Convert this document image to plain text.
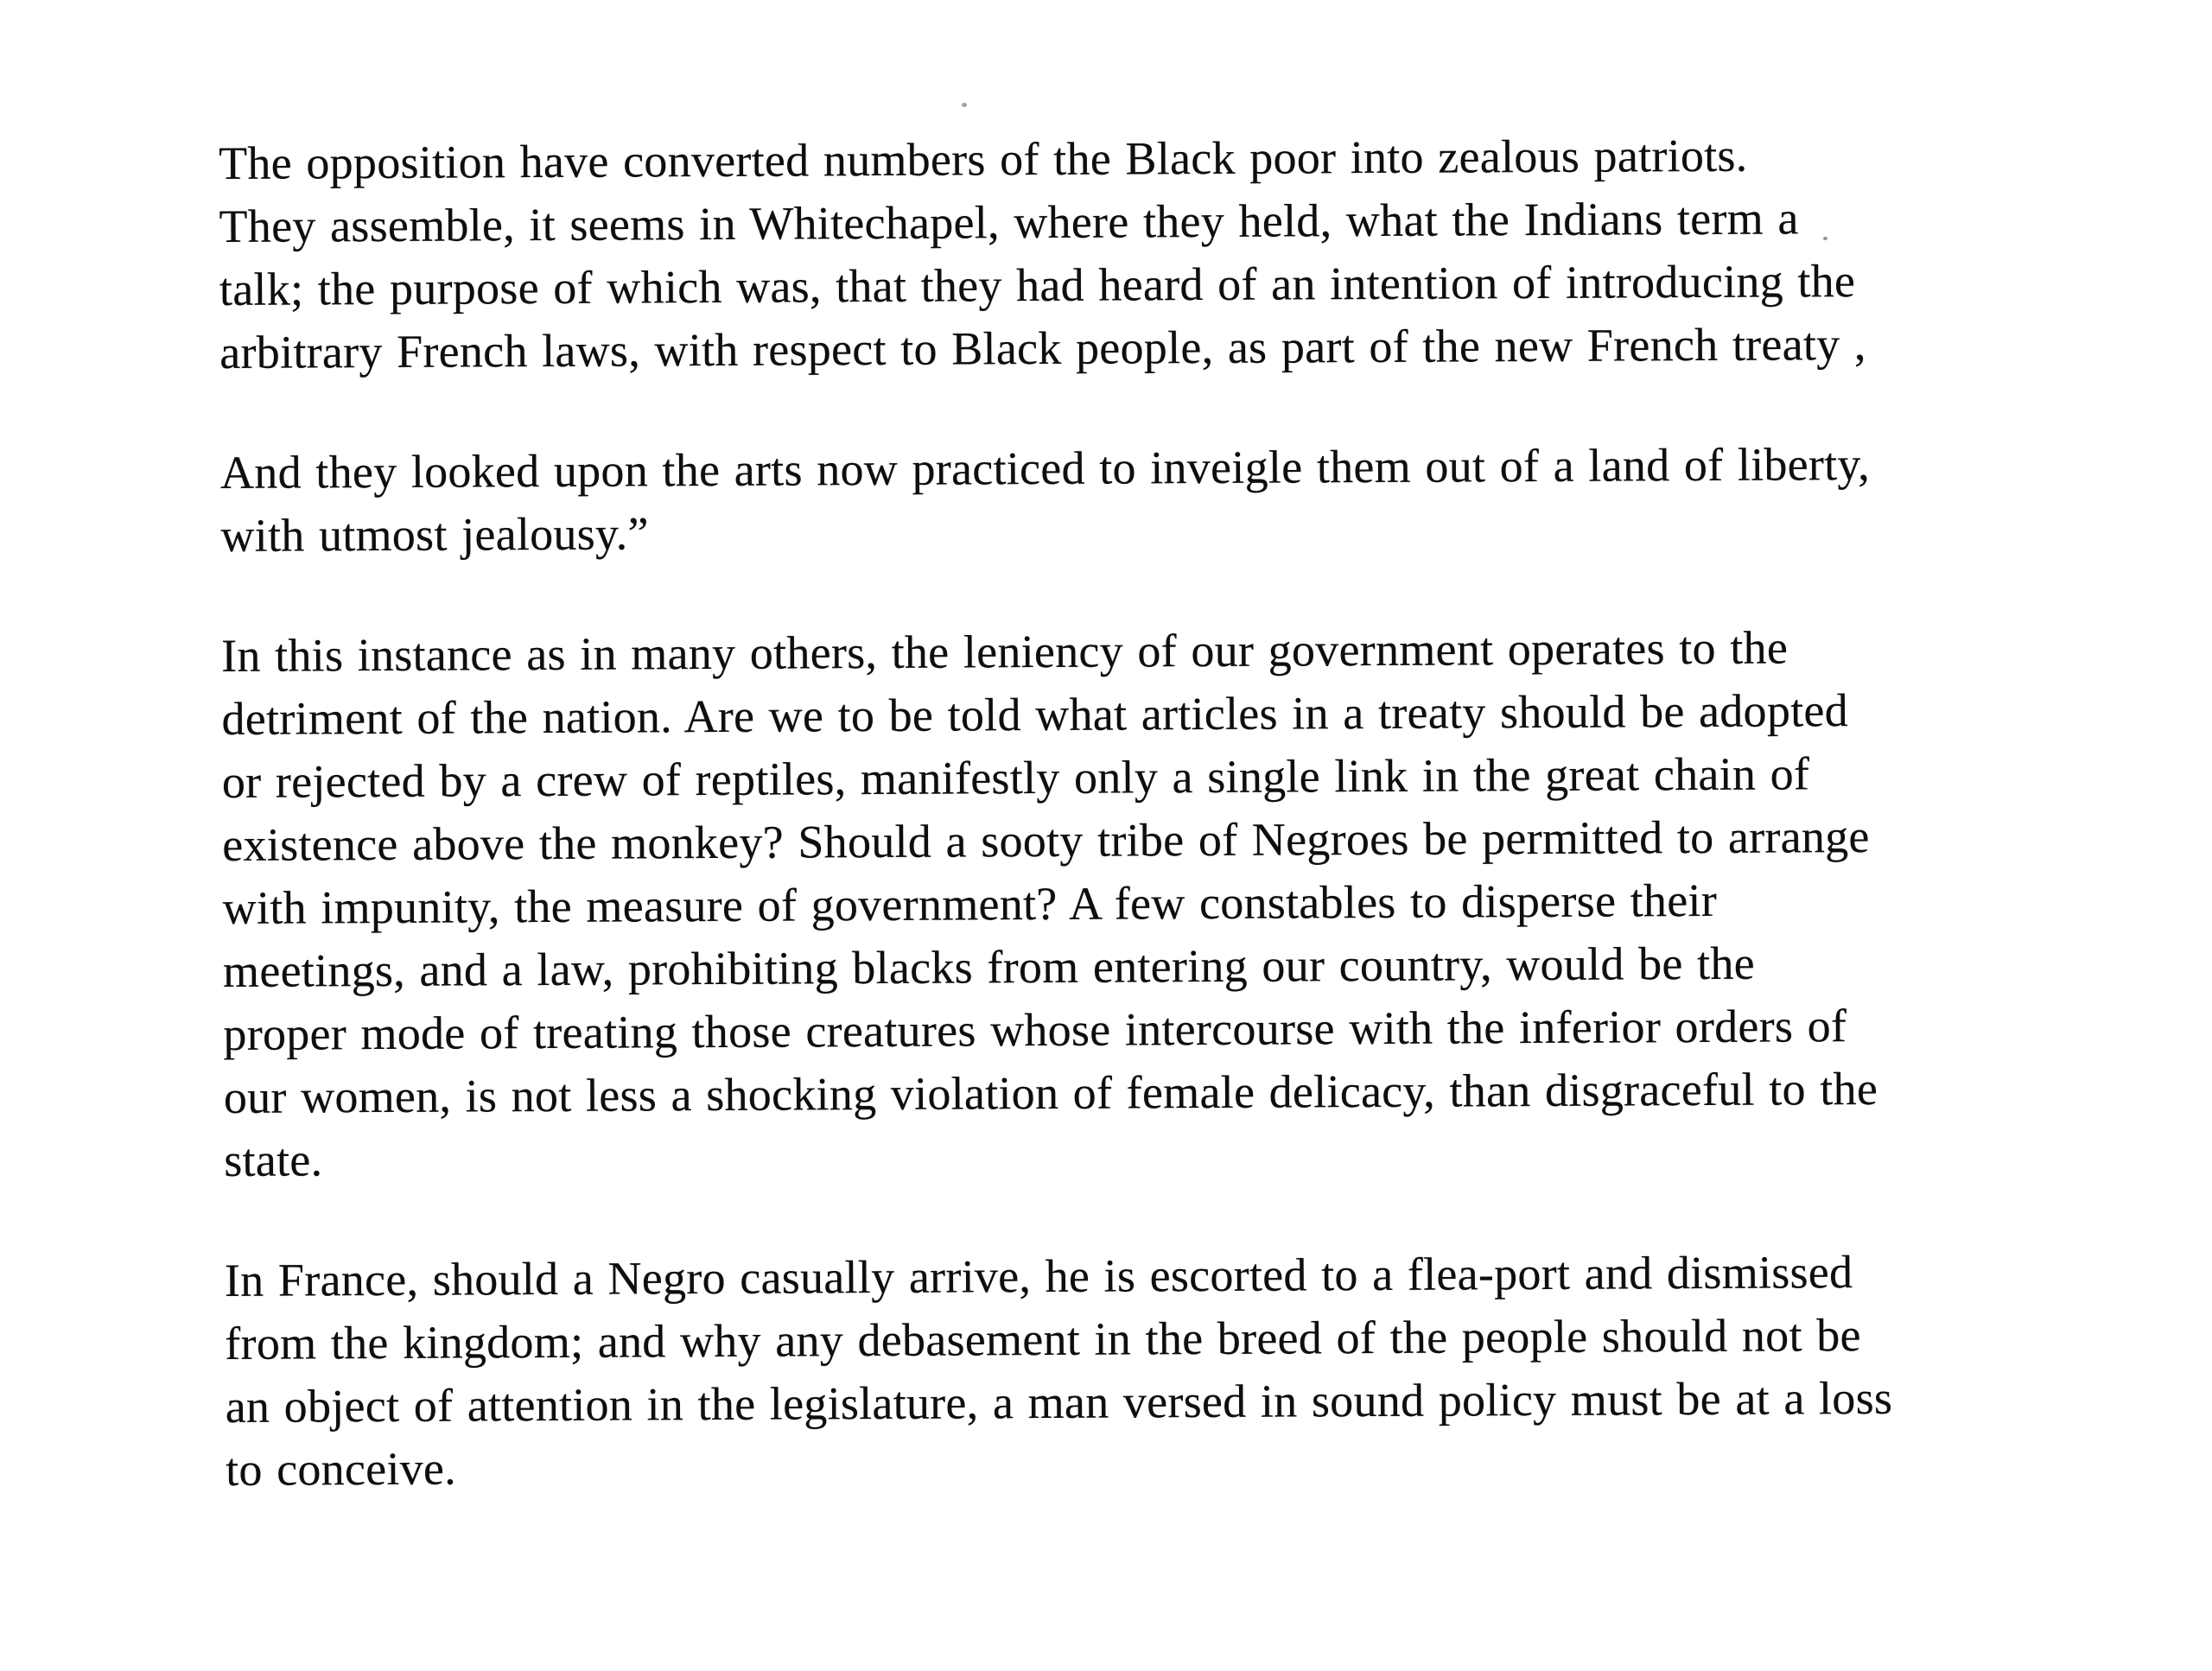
The opposition have converted numbers of the Black poor into zealous patriots.
They assemble, it seems in Whitechapel, where they held, what the Indians term a
talk; the purpose of which was, that they had heard of an intention of introducing the
arbitrary French laws, with respect to Black people, as part of the new French treaty ,
And they looked upon the arts now practiced to inveigle them out of a land of liberty,
with utmost jealousy.”
In this instance as in many others, the leniency of our government operates to the
detriment of the nation. Are we to be told what articles in a treaty should be adopted
or rejected by a crew of reptiles, manifestly only a single link in the great chain of
existence above the monkey? Should a sooty tribe of Negroes be permitted to arrange
with impunity, the measure of government? A few constables to disperse their
meetings, and a law, prohibiting blacks from entering our country, would be the
proper mode of treating those creatures whose intercourse with the inferior orders of
our women, is not less a shocking violation of female delicacy, than disgraceful to the
state.
In France, should a Negro casually arrive, he is escorted to a flea-port and dismissed
from the kingdom; and why any debasement in the breed of the people should not be
an object of attention in the legislature, a man versed in sound policy must be at a loss
to conceive.
